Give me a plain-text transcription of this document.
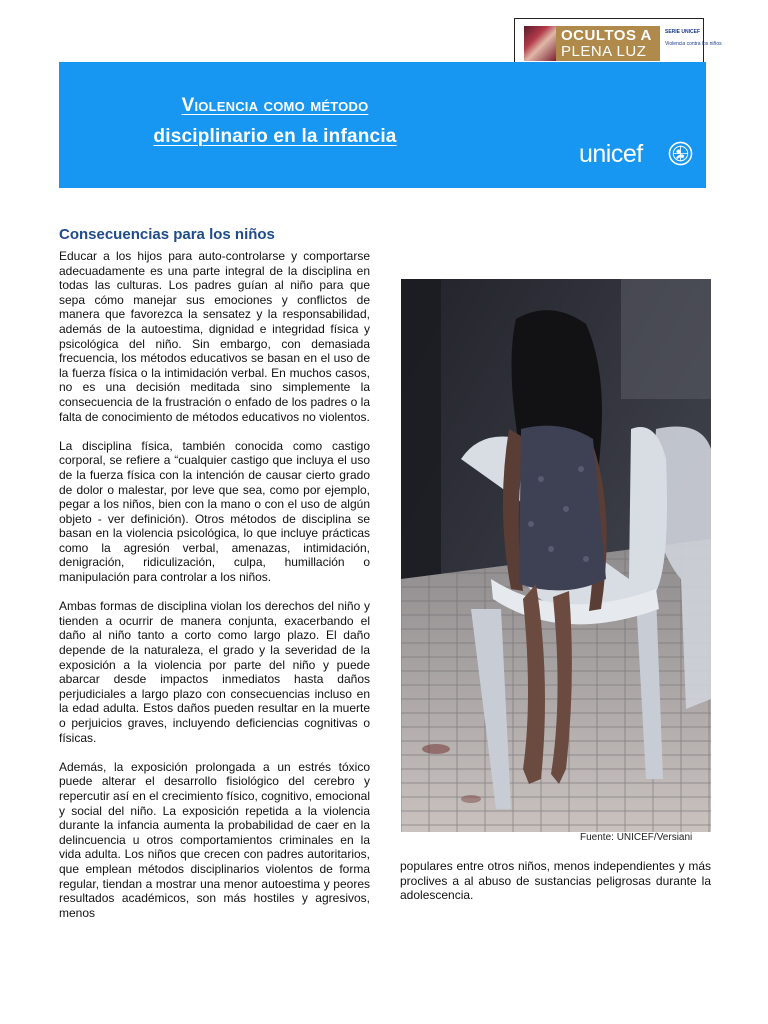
OCULTOS A
PLENA LUZ
SERIE UNICEF
Violencia contra los niños
Violencia como método
disciplinario en la infancia
unicef
Consecuencias para los niños

Educar a los hijos para auto-controlarse y comportarse adecuadamente es una parte integral de la disciplina en todas las culturas. Los padres guían al niño para que sepa cómo manejar sus emociones y conflictos de manera que favorezca la sensatez y la responsabilidad, además de la autoestima, dignidad e integridad física y psicológica del niño. Sin embargo, con demasiada frecuencia, los métodos educativos se basan en el uso de la fuerza física o la intimidación verbal. En muchos casos, no es una decisión meditada sino simplemente la consecuencia de la frustración o enfado de los padres o la falta de conocimiento de métodos educativos no violentos.

La disciplina física, también conocida como castigo corporal, se refiere a “cualquier castigo que incluya el uso de la fuerza física con la intención de causar cierto grado de dolor o malestar, por leve que sea, como por ejemplo, pegar a los niños, bien con la mano o con el uso de algún objeto - ver definición). Otros métodos de disciplina se basan en la violencia psicológica, lo que incluye prácticas como la agresión verbal, amenazas, intimidación, denigración, ridiculización, culpa, humillación o manipulación para controlar a los niños.

Ambas formas de disciplina violan los derechos del niño y tienden a ocurrir de manera conjunta, exacerbando el daño al niño tanto a corto como largo plazo. El daño depende de la naturaleza, el grado y la severidad de la exposición a la violencia por parte del niño y puede abarcar desde impactos inmediatos hasta daños perjudiciales a largo plazo con consecuencias incluso en la edad adulta. Estos daños pueden resultar en la muerte o perjuicios graves, incluyendo deficiencias cognitivas o físicas.

Además, la exposición prolongada a un estrés tóxico puede alterar el desarrollo fisiológico del cerebro y repercutir así en el crecimiento físico, cognitivo, emocional y social del niño. La exposición repetida a la violencia durante la infancia aumenta la probabilidad de caer en la delincuencia u otros comportamientos criminales en la vida adulta. Los niños que crecen con padres autoritarios, que emplean métodos disciplinarios violentos de forma regular, tiendan a mostrar una menor autoestima y peores resultados académicos, son más hostiles y agresivos, menos

Fuente: UNICEF/Versiani

populares entre otros niños, menos independientes y más proclives a al abuso de sustancias peligrosas durante la adolescencia.
